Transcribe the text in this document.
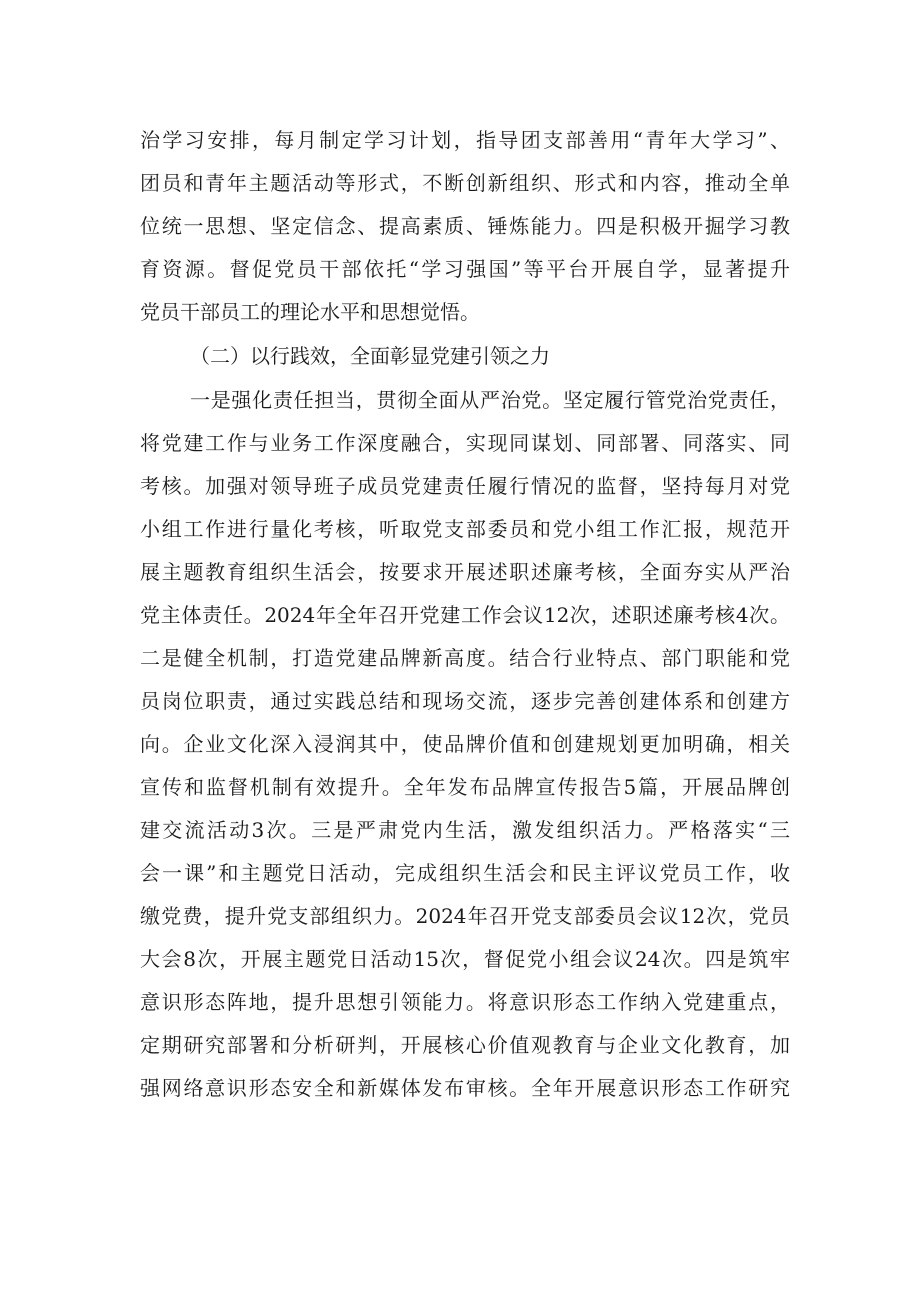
治学习安排，每月制定学习计划，指导团支部善用“青年大学习”、
团员和青年主题活动等形式，不断创新组织、形式和内容，推动全单
位统一思想、坚定信念、提高素质、锤炼能力。四是积极开掘学习教
育资源。督促党员干部依托“学习强国”等平台开展自学，显著提升
党员干部员工的理论水平和思想觉悟。
（二）以行践效，全面彰显党建引领之力
一是强化责任担当，贯彻全面从严治党。坚定履行管党治党责任，
将党建工作与业务工作深度融合，实现同谋划、同部署、同落实、同
考核。加强对领导班子成员党建责任履行情况的监督，坚持每月对党
小组工作进行量化考核，听取党支部委员和党小组工作汇报，规范开
展主题教育组织生活会，按要求开展述职述廉考核，全面夯实从严治
党主体责任。2024年全年召开党建工作会议12次，述职述廉考核4次。
二是健全机制，打造党建品牌新高度。结合行业特点、部门职能和党
员岗位职责，通过实践总结和现场交流，逐步完善创建体系和创建方
向。企业文化深入浸润其中，使品牌价值和创建规划更加明确，相关
宣传和监督机制有效提升。全年发布品牌宣传报告5篇，开展品牌创
建交流活动3次。三是严肃党内生活，激发组织活力。严格落实“三
会一课”和主题党日活动，完成组织生活会和民主评议党员工作，收
缴党费，提升党支部组织力。2024年召开党支部委员会议12次，党员
大会8次，开展主题党日活动15次，督促党小组会议24次。四是筑牢
意识形态阵地，提升思想引领能力。将意识形态工作纳入党建重点，
定期研究部署和分析研判，开展核心价值观教育与企业文化教育，加
强网络意识形态安全和新媒体发布审核。全年开展意识形态工作研究
